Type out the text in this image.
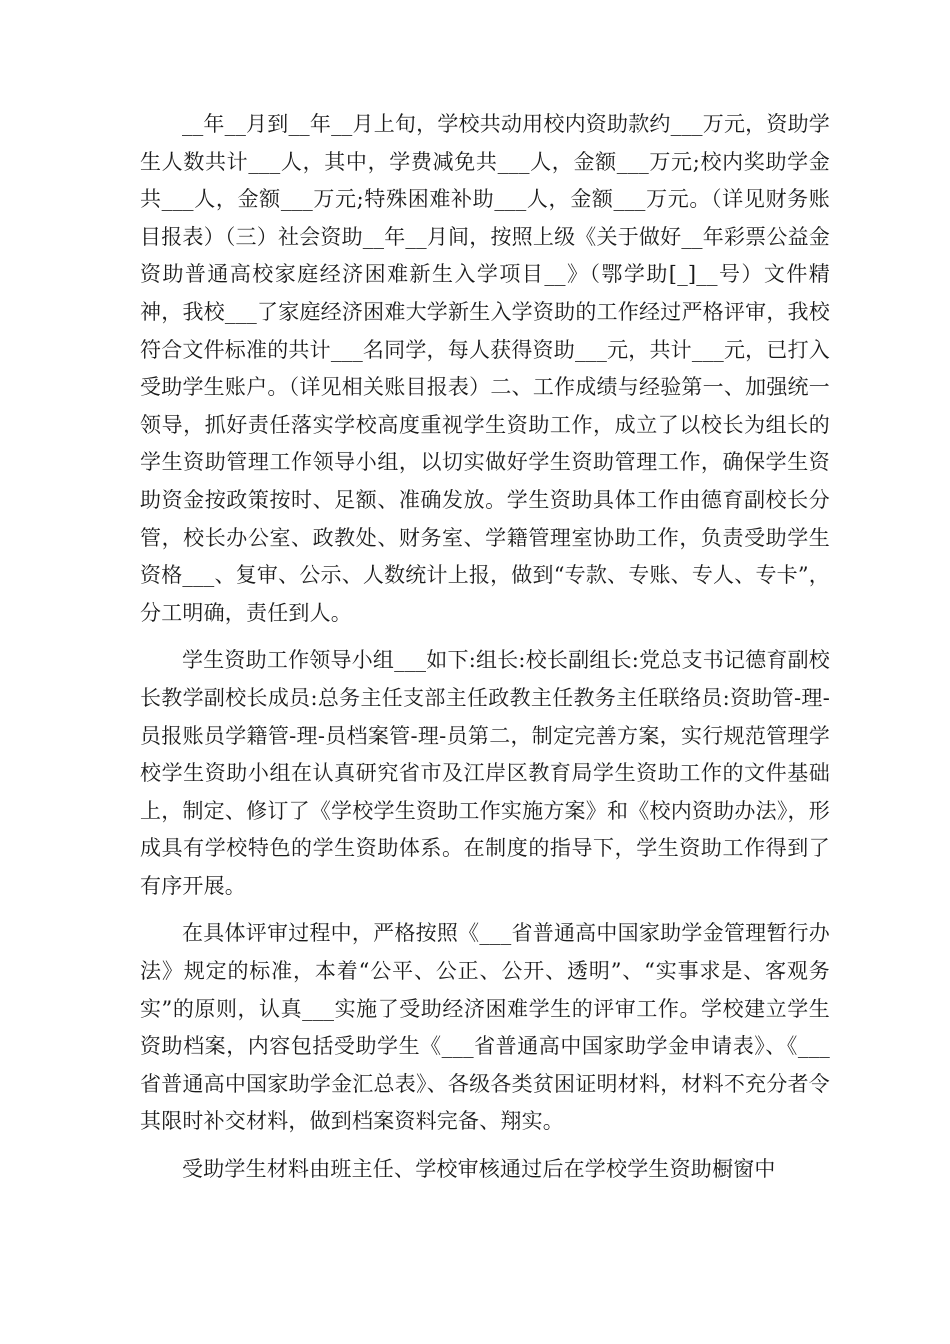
__年__月到__年__月上旬，学校共动用校内资助款约___万元，资助学生人数共计___人，其中，学费减免共___人，金额___万元;校内奖助学金共___人，金额___万元;特殊困难补助___人，金额___万元。（详见财务账目报表）（三）社会资助__年__月间，按照上级《关于做好__年彩票公益金资助普通高校家庭经济困难新生入学项目__》（鄂学助[_]__号）文件精神，我校___了家庭经济困难大学新生入学资助的工作经过严格评审，我校符合文件标准的共计___名同学，每人获得资助___元，共计___元，已打入受助学生账户。（详见相关账目报表）二、工作成绩与经验第一、加强统一领导，抓好责任落实学校高度重视学生资助工作，成立了以校长为组长的学生资助管理工作领导小组，以切实做好学生资助管理工作，确保学生资助资金按政策按时、足额、准确发放。学生资助具体工作由德育副校长分管，校长办公室、政教处、财务室、学籍管理室协助工作，负责受助学生资格___、复审、公示、人数统计上报，做到“专款、专账、专人、专卡”，分工明确，责任到人。

学生资助工作领导小组___如下:组长:校长副组长:党总支书记德育副校长教学副校长成员:总务主任支部主任政教主任教务主任联络员:资助管-理-员报账员学籍管-理-员档案管-理-员第二，制定完善方案，实行规范管理学校学生资助小组在认真研究省市及江岸区教育局学生资助工作的文件基础上，制定、修订了《学校学生资助工作实施方案》和《校内资助办法》，形成具有学校特色的学生资助体系。在制度的指导下，学生资助工作得到了有序开展。

在具体评审过程中，严格按照《___省普通高中国家助学金管理暂行办法》规定的标准，本着“公平、公正、公开、透明”、“实事求是、客观务实”的原则，认真___实施了受助经济困难学生的评审工作。学校建立学生资助档案，内容包括受助学生《___省普通高中国家助学金申请表》、《___省普通高中国家助学金汇总表》、各级各类贫困证明材料，材料不充分者令其限时补交材料，做到档案资料完备、翔实。

受助学生材料由班主任、学校审核通过后在学校学生资助橱窗中
